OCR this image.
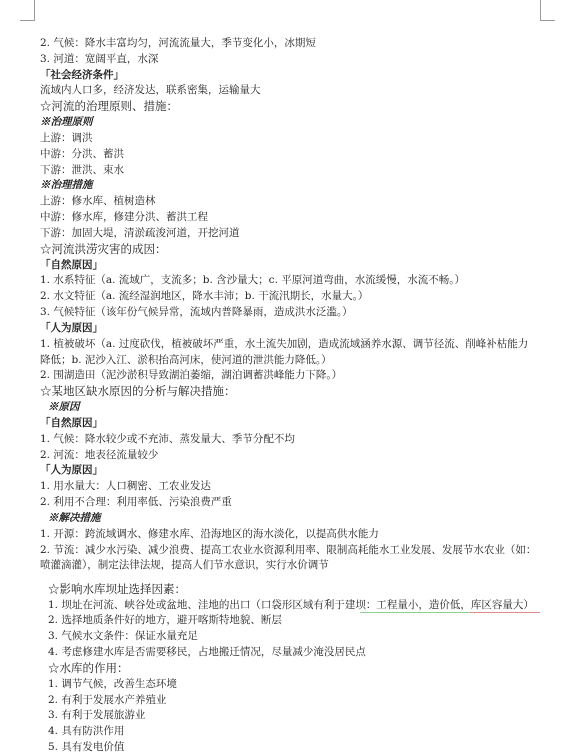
2. 气候：降水丰富均匀，河流流量大，季节变化小，冰期短
3. 河道：宽阔平直，水深
「社会经济条件」
流域内人口多，经济发达，联系密集，运输量大
☆河流的治理原则、措施：
※治理原则
上游：调洪
中游：分洪、蓄洪
下游：泄洪、束水
※治理措施
上游：修水库、植树造林
中游：修水库，修建分洪、蓄洪工程
下游：加固大堤，清淤疏浚河道，开挖河道
☆河流洪涝灾害的成因：
「自然原因」
1. 水系特征（a. 流域广，支流多；b. 含沙量大；c. 平原河道弯曲，水流缓慢，水流不畅。）
2. 水文特征（a. 流经湿润地区，降水丰沛；b. 干流汛期长，水量大。）
3. 气候特征（该年份气候异常，流域内普降暴雨，造成洪水泛滥。）
「人为原因」
1. 植被破坏（a. 过度砍伐，植被破坏严重，水土流失加剧，造成流域涵养水源、调节径流、削峰补枯能力
降低；b. 泥沙入江、淤积抬高河床，使河道的泄洪能力降低。）
2. 围湖造田（泥沙淤积导致湖泊萎缩，湖泊调蓄洪峰能力下降。）
☆某地区缺水原因的分析与解决措施：
※原因
「自然原因」
1. 气候：降水较少或不充沛、蒸发量大、季节分配不均
2. 河流：地表径流量较少
「人为原因」
1. 用水量大：人口稠密、工农业发达
2. 利用不合理：利用率低、污染浪费严重
※解决措施
1. 开源：跨流域调水、修建水库、沿海地区的海水淡化，以提高供水能力
2. 节流：减少水污染、减少浪费、提高工农业水资源利用率、限制高耗能水工业发展、发展节水农业（如：
喷灌滴灌），制定法律法规，提高人们节水意识，实行水价调节
☆影响水库坝址选择因素：
1. 坝址在河流、峡谷处或盆地、洼地的出口（口袋形区域有利于建坝：工程量小，造价低，库区容量大）
2. 选择地质条件好的地方，避开喀斯特地貌、断层
3. 气候水文条件：保证水量充足
4. 考虑修建水库是否需要移民，占地搬迁情况，尽量减少淹没居民点
☆水库的作用：
1. 调节气候，改善生态环境
2. 有利于发展水产养殖业
3. 有利于发展旅游业
4. 具有防洪作用
5. 具有发电价值
